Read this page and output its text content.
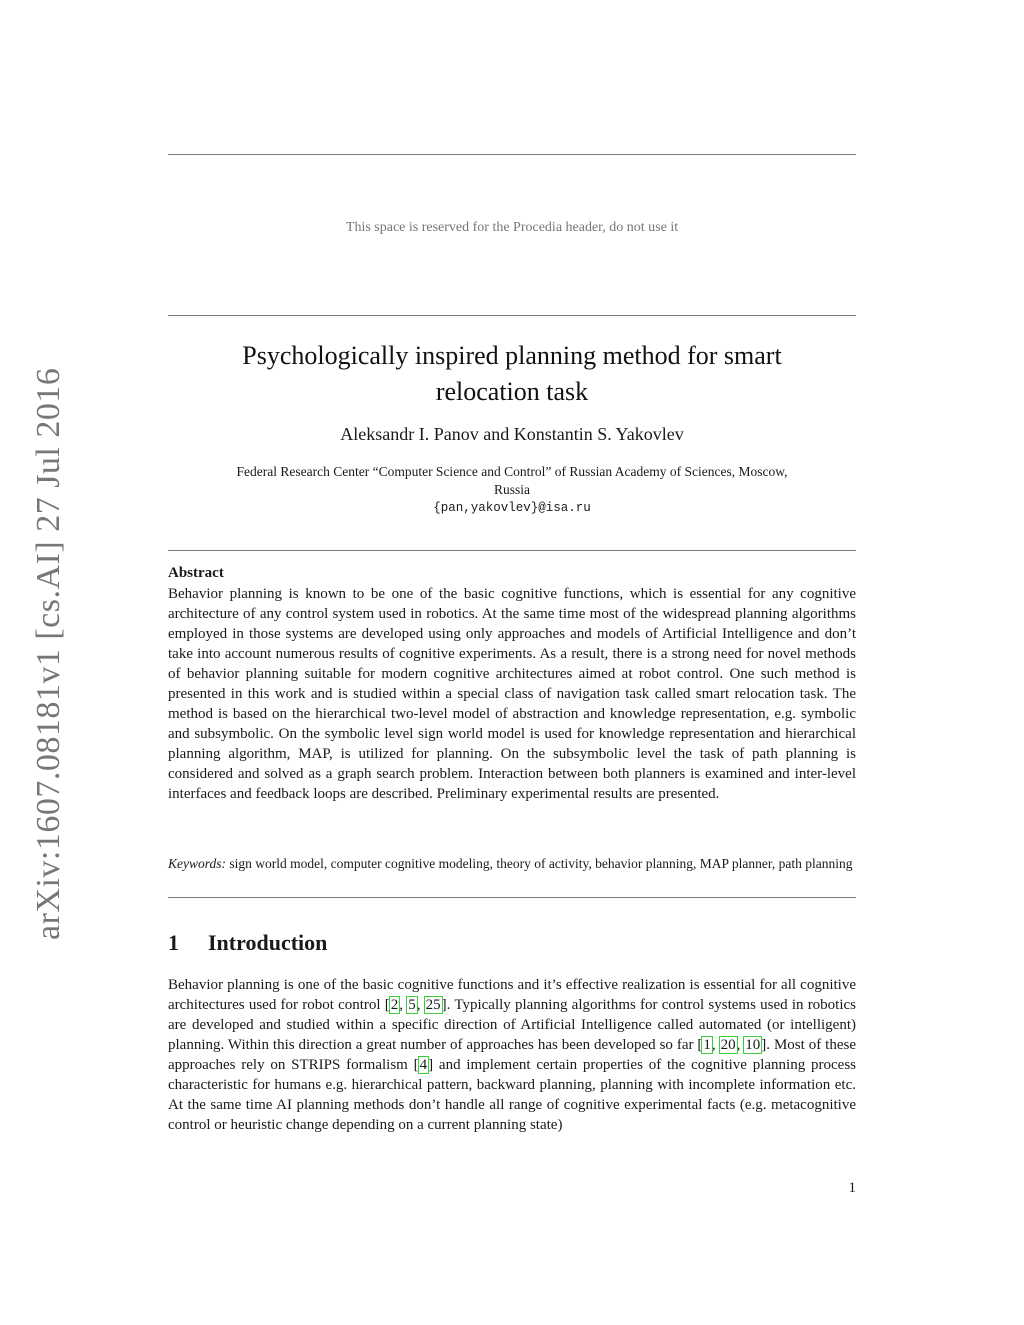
This space is reserved for the Procedia header, do not use it
arXiv:1607.08181v1 [cs.AI] 27 Jul 2016
Psychologically inspired planning method for smart
relocation task
Aleksandr I. Panov and Konstantin S. Yakovlev
Federal Research Center “Computer Science and Control” of Russian Academy of Sciences, Moscow,
Russia
{pan,yakovlev}@isa.ru
Abstract
Behavior planning is known to be one of the basic cognitive functions, which is essential for any cognitive architecture of any control system used in robotics. At the same time most of the widespread planning algorithms employed in those systems are developed using only approaches and models of Artificial Intelligence and don’t take into account numerous results of cognitive experiments. As a result, there is a strong need for novel methods of behavior planning suitable for modern cognitive architectures aimed at robot control. One such method is presented in this work and is studied within a special class of navigation task called smart relocation task. The method is based on the hierarchical two-level model of abstraction and knowledge representation, e.g. symbolic and subsymbolic. On the symbolic level sign world model is used for knowledge representation and hierarchical planning algorithm, MAP, is utilized for planning. On the subsymbolic level the task of path planning is considered and solved as a graph search problem. Interaction between both planners is examined and inter-level interfaces and feedback loops are described. Preliminary experimental results are presented.
Keywords: sign world model, computer cognitive modeling, theory of activity, behavior planning, MAP planner, path planning
1 Introduction
Behavior planning is one of the basic cognitive functions and it’s effective realization is essential for all cognitive architectures used for robot control [2, 5, 25]. Typically planning algorithms for control systems used in robotics are developed and studied within a specific direction of Artificial Intelligence called automated (or intelligent) planning. Within this direction a great number of approaches has been developed so far [1, 20, 10]. Most of these approaches rely on STRIPS formalism [4] and implement certain properties of the cognitive planning process characteristic for humans e.g. hierarchical pattern, backward planning, planning with incomplete information etc. At the same time AI planning methods don’t handle all range of cognitive experimental facts (e.g. metacognitive control or heuristic change depending on a current planning state)
1
